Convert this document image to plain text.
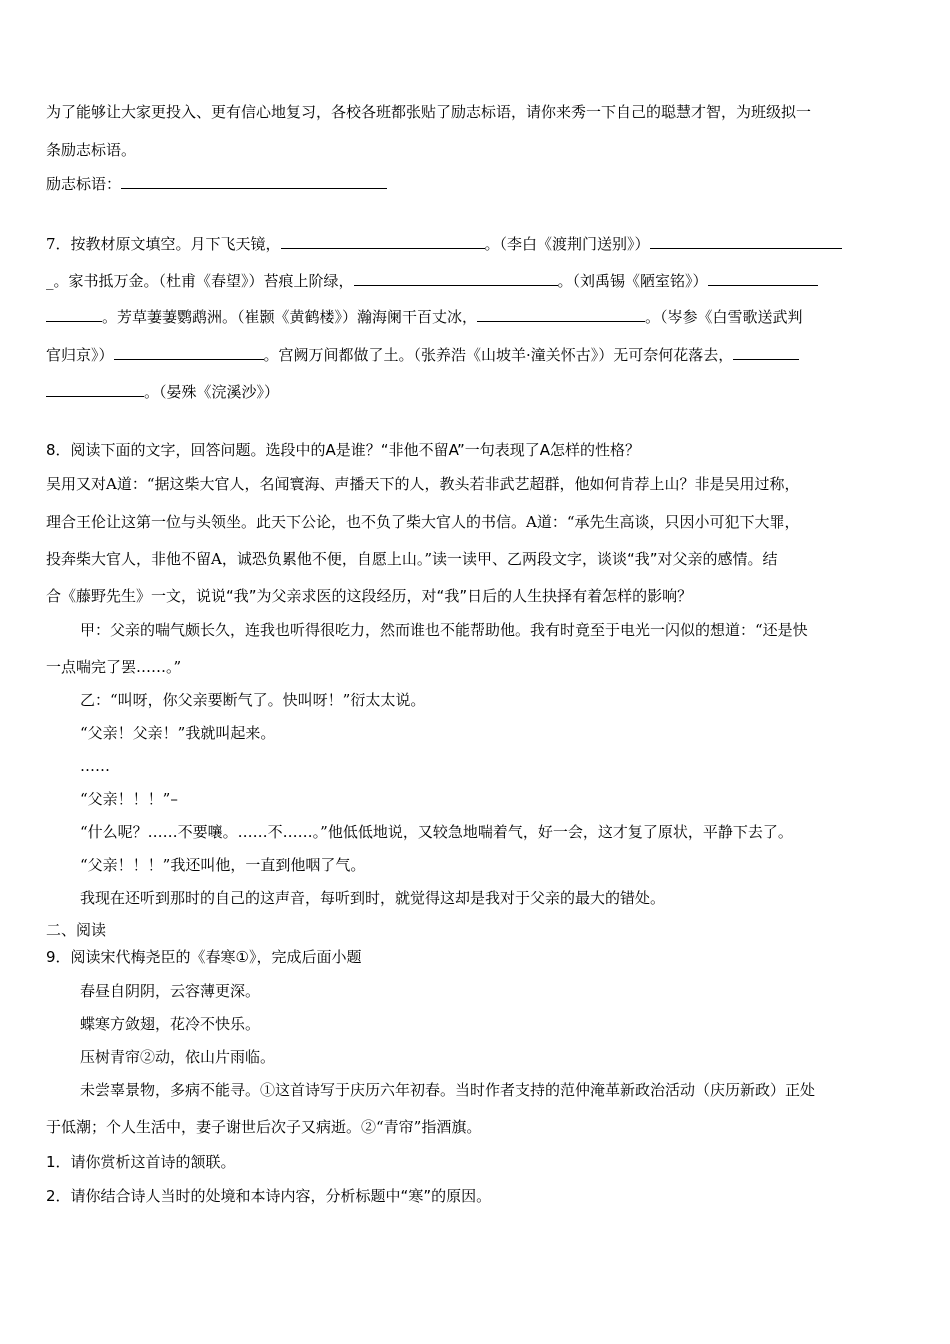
为了能够让大家更投入、更有信心地复习，各校各班都张贴了励志标语，请你来秀一下自己的聪慧才智，为班级拟一
条励志标语。
励志标语：
7．按教材原文填空。月下飞天镜，	。（李白《渡荆门送别》）
_。家书抵万金。（杜甫《春望》）苔痕上阶绿，	。（刘禹锡《陋室铭》）
。芳草萋萋鹦鹉洲。（崔颢《黄鹤楼》）瀚海阑干百丈冰，	。（岑参《白雪歌送武判
官归京》）	。宫阙万间都做了土。（张养浩《山坡羊·潼关怀古》）无可奈何花落去，
。（晏殊《浣溪沙》）
8．阅读下面的文字，回答问题。选段中的A是谁？“非他不留A”一句表现了A怎样的性格？
吴用又对A道：“据这柴大官人，名闻寰海、声播天下的人，教头若非武艺超群，他如何肯荐上山？非是吴用过称，
理合王伦让这第一位与头领坐。此天下公论，也不负了柴大官人的书信。A道：“承先生高谈，只因小可犯下大罪，
投奔柴大官人，非他不留A，诚恐负累他不便，自愿上山。”读一读甲、乙两段文字，谈谈“我”对父亲的感情。结
合《藤野先生》一文，说说“我”为父亲求医的这段经历，对“我”日后的人生抉择有着怎样的影响？
甲：父亲的喘气颇长久，连我也听得很吃力，然而谁也不能帮助他。我有时竟至于电光一闪似的想道：“还是快
一点喘完了罢……。”
乙：“叫呀，你父亲要断气了。快叫呀！”衍太太说。
“父亲！父亲！”我就叫起来。
……
“父亲！！！”–
“什么呢？……不要嚷。……不……。”他低低地说，又较急地喘着气，好一会，这才复了原状，平静下去了。
“父亲！！！”我还叫他，一直到他咽了气。
我现在还听到那时的自己的这声音，每听到时，就觉得这却是我对于父亲的最大的错处。
二、阅读
9．阅读宋代梅尧臣的《春寒①》，完成后面小题
春昼自阴阴，云容薄更深。
蝶寒方敛翅，花冷不快乐。
压树青帘②动，依山片雨临。
未尝辜景物，多病不能寻。①这首诗写于庆历六年初春。当时作者支持的范仲淹革新政治活动（庆历新政）正处
于低潮；个人生活中，妻子谢世后次子又病逝。②“青帘”指酒旗。
1．请你赏析这首诗的颔联。
2．请你结合诗人当时的处境和本诗内容，分析标题中“寒”的原因。
